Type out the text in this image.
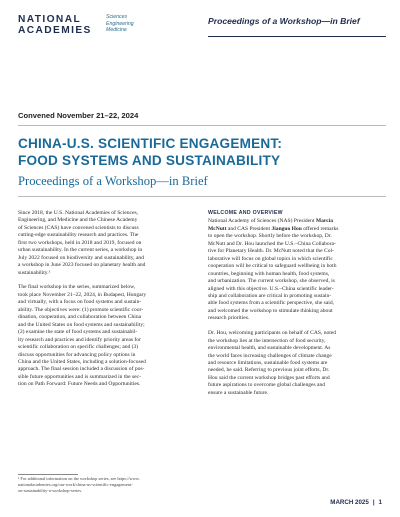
NATIONAL
ACADEMIES
Sciences
Engineering
Medicine
Proceedings of a Workshop—in Brief
Convened November 21–22, 2024
CHINA-U.S. SCIENTIFIC ENGAGEMENT:
FOOD SYSTEMS AND SUSTAINABILITY
Proceedings of a Workshop—in Brief
Since 2018, the U.S. National Academies of Sciences,
Engineering, and Medicine and the Chinese Academy
of Sciences (CAS) have convened scientists to discuss
cutting-edge sustainability research and practices. The
first two workshops, held in 2018 and 2019, focused on
urban sustainability. In the current series, a workshop in
July 2022 focused on biodiversity and sustainability, and
a workshop in June 2023 focused on planetary health and
sustainability.¹
The final workshop in the series, summarized below,
took place November 21–22, 2024, in Budapest, Hungary
and virtually, with a focus on food systems and sustain-
ability. The objectives were: (1) promote scientific coor-
dination, cooperation, and collaboration between China
and the United States on food systems and sustainability;
(2) examine the state of food systems and sustainabil-
ity research and practices and identify priority areas for
scientific collaboration on specific challenges; and (3)
discuss opportunities for advancing policy options in
China and the United States, including a solution-focused
approach. The final session included a discussion of pos-
sible future opportunities and is summarized in the sec-
tion on Path Forward: Future Needs and Opportunities.
WELCOME AND OVERVIEW
National Academy of Sciences (NAS) President Marcia
McNutt and CAS President Jianguo Hou offered remarks
to open the workshop. Shortly before the workshop, Dr.
McNutt and Dr. Hou launched the U.S.–China Collabora-
tive for Planetary Health. Dr. McNutt noted that the Col-
laborative will focus on global topics in which scientific
cooperation will be critical to safeguard wellbeing in both
countries, beginning with human health, food systems,
and urbanization. The current workshop, she observed, is
aligned with this objective. U.S.–China scientific leader-
ship and collaboration are critical in promoting sustain-
able food systems from a scientific perspective, she said,
and welcomed the workshop to stimulate thinking about
research priorities.
Dr. Hou, welcoming participants on behalf of CAS, noted
the workshop lies at the intersection of food security,
environmental health, and sustainable development. As
the world faces increasing challenges of climate change
and resource limitations, sustainable food systems are
needed, he said. Referring to previous joint efforts, Dr.
Hou said the current workshop bridges past efforts and
future aspirations to overcome global challenges and
ensure a sustainable future.
¹ For additional information on the workshop series, see https://www.
nationalacademies.org/our-work/china-us-scientific-engagement-
on-sustainability-a-workshop-series.
MARCH 2025 | 1
